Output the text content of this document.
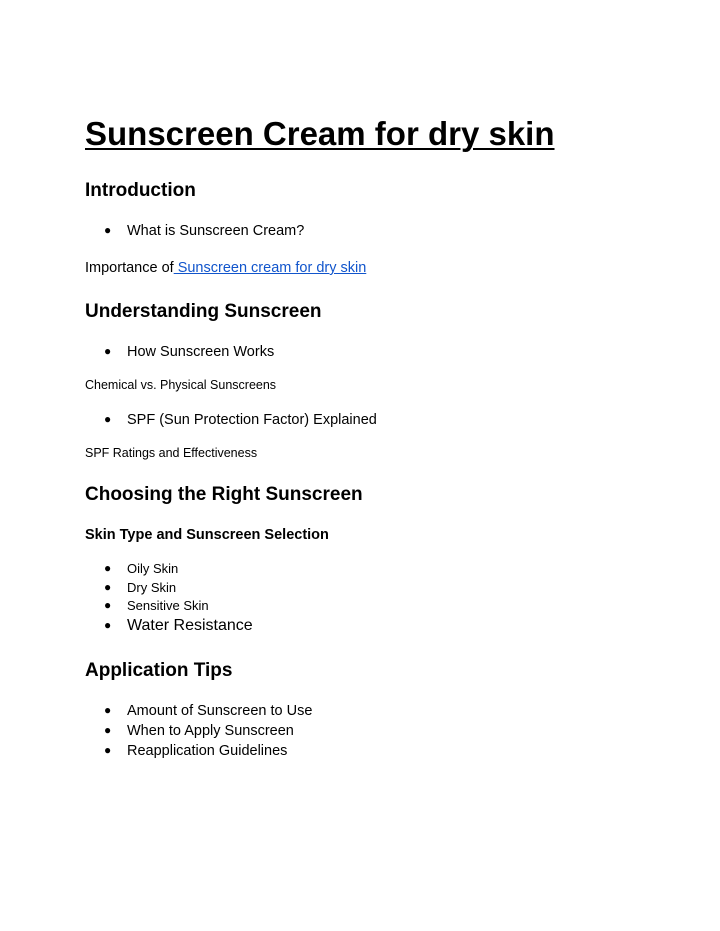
Sunscreen Cream for dry skin
Introduction
● What is Sunscreen Cream?

Importance of Sunscreen cream for dry skin

Understanding Sunscreen
● How Sunscreen Works

Chemical vs. Physical Sunscreens

● SPF (Sun Protection Factor) Explained

SPF Ratings and Effectiveness

Choosing the Right Sunscreen
Skin Type and Sunscreen Selection
● Oily Skin
● Dry Skin
● Sensitive Skin
● Water Resistance
Application Tips
● Amount of Sunscreen to Use
● When to Apply Sunscreen
● Reapplication Guidelines
